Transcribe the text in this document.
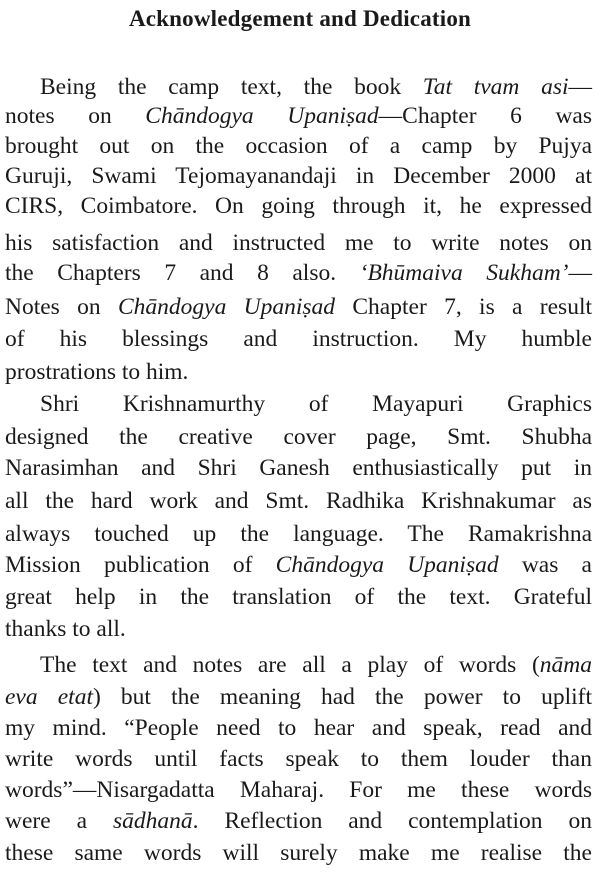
Acknowledgement and Dedication
Being the camp text, the book Tat tvam asi—
notes on Chāndogya Upaniṣad—Chapter 6 was
brought out on the occasion of a camp by Pujya
Guruji, Swami Tejomayanandaji in December 2000 at
CIRS, Coimbatore. On going through it, he expressed
his satisfaction and instructed me to write notes on
the Chapters 7 and 8 also. ‘Bhūmaiva Sukham’—
Notes on Chāndogya Upaniṣad Chapter 7, is a result
of his blessings and instruction. My humble
prostrations to him.
Shri Krishnamurthy of Mayapuri Graphics
designed the creative cover page, Smt. Shubha
Narasimhan and Shri Ganesh enthusiastically put in
all the hard work and Smt. Radhika Krishnakumar as
always touched up the language. The Ramakrishna
Mission publication of Chāndogya Upaniṣad was a
great help in the translation of the text. Grateful
thanks to all.
The text and notes are all a play of words (nāma
eva etat) but the meaning had the power to uplift
my mind. “People need to hear and speak, read and
write words until facts speak to them louder than
words”—Nisargadatta Maharaj. For me these words
were a sādhanā. Reflection and contemplation on
these same words will surely make me realise the
